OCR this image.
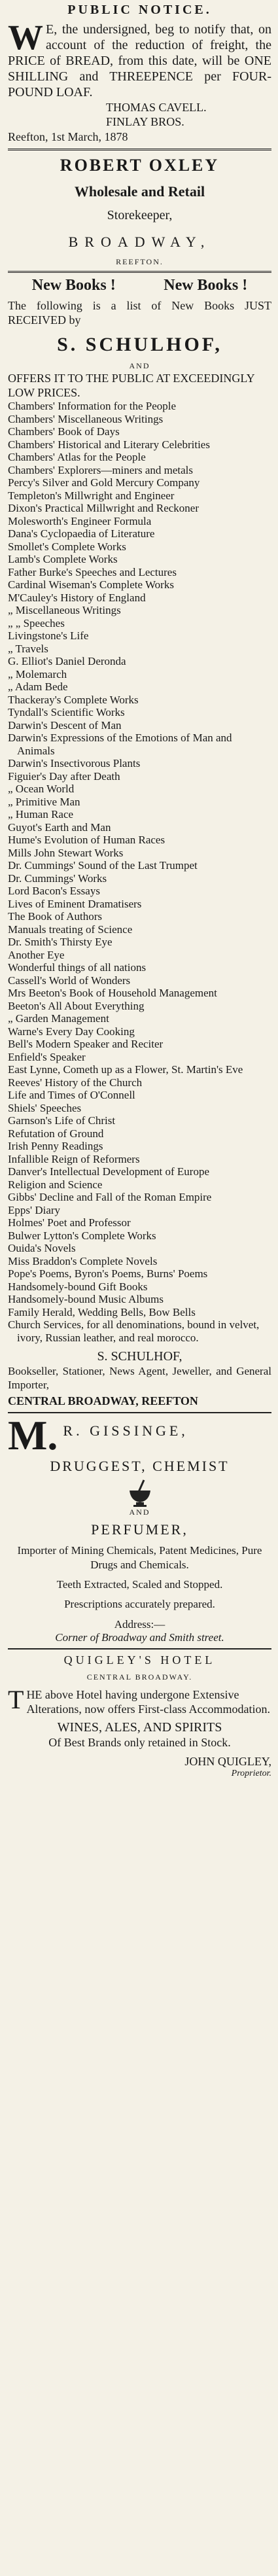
PUBLIC NOTICE.

W E, the undersigned, beg to notify that, on account of the reduction of freight, the PRICE of BREAD, from this date, will be ONE SHILLING and THREEPENCE per FOUR-POUND LOAF.

THOMAS CAVELL.

FINLAY BROS.

Reefton, 1st March, 1878

ROBERT OXLEY
Wholesale and Retail
Storekeeper,
BROADWAY,
REEFTON.
New Books !	New Books !

The following is a list of New Books JUST RECEIVED by

S. SCHULHOF,
AND

OFFERS IT TO THE PUBLIC AT EXCEEDINGLY LOW PRICES.

Chambers' Information for the People
Chambers' Miscellaneous Writings
Chambers' Book of Days
Chambers' Historical and Literary Celebrities
Chambers' Atlas for the People
Chambers' Explorers—miners and metals
Percy's Silver and Gold Mercury Company
Templeton's Millwright and Engineer
Dixon's Practical Millwright and Reckoner
Molesworth's Engineer Formula
Dana's Cyclopaedia of Literature
Smollet's Complete Works
Lamb's Complete Works
Father Burke's Speeches and Lectures
Cardinal Wiseman's Complete Works
M'Cauley's History of England
„ Miscellaneous Writings
„ „ Speeches
Livingstone's Life
„ Travels
G. Elliot's Daniel Deronda
„ Molemarch
„ Adam Bede
Thackeray's Complete Works
Tyndall's Scientific Works
Darwin's Descent of Man
Darwin's Expressions of the Emotions of Man and Animals
Darwin's Insectivorous Plants
Figuier's Day after Death
„ Ocean World
„ Primitive Man
„ Human Race
Guyot's Earth and Man
Hume's Evolution of Human Races
Mills John Stewart Works
Dr. Cummings' Sound of the Last Trumpet
Dr. Cummings' Works
Lord Bacon's Essays
Lives of Eminent Dramatisers
The Book of Authors
Manuals treating of Science
Dr. Smith's Thirsty Eye
Another Eye
Wonderful things of all nations
Cassell's World of Wonders
Mrs Beeton's Book of Household Management
Beeton's All About Everything
„ Garden Management
Warne's Every Day Cooking
Bell's Modern Speaker and Reciter
Enfield's Speaker
East Lynne, Cometh up as a Flower, St. Martin's Eve
Reeves' History of the Church
Life and Times of O'Connell
Shiels' Speeches
Garnson's Life of Christ
Refutation of Ground
Irish Penny Readings
Infallible Reign of Reformers
Danver's Intellectual Development of Europe
Religion and Science
Gibbs' Decline and Fall of the Roman Empire
Epps' Diary
Holmes' Poet and Professor
Bulwer Lytton's Complete Works
Ouida's Novels
Miss Braddon's Complete Novels
Pope's Poems, Byron's Poems, Burns' Poems
Handsomely-bound Gift Books
Handsomely-bound Music Albums
Family Herald, Wedding Bells, Bow Bells
Church Services, for all denominations, bound in velvet, ivory, Russian leather, and real morocco.
S. SCHULHOF,

Bookseller, Stationer, News Agent, Jeweller, and General Importer,

CENTRAL BROADWAY, REEFTON
M. R. GISSINGE,
DRUGGEST, CHEMIST
AND
PERFUMER,

Importer of Mining Chemicals, Patent Medicines, Pure Drugs and Chemicals.

Teeth Extracted, Scaled and Stopped.

Prescriptions accurately prepared.

Address:—

Corner of Broadway and Smith street.

QUIGLEY'S HOTEL
CENTRAL BROADWAY.

THE above Hotel having undergone Extensive Alterations, now offers First-class Accommodation.

WINES, ALES, AND SPIRITS

Of Best Brands only retained in Stock.

JOHN QUIGLEY,

Proprietor.
